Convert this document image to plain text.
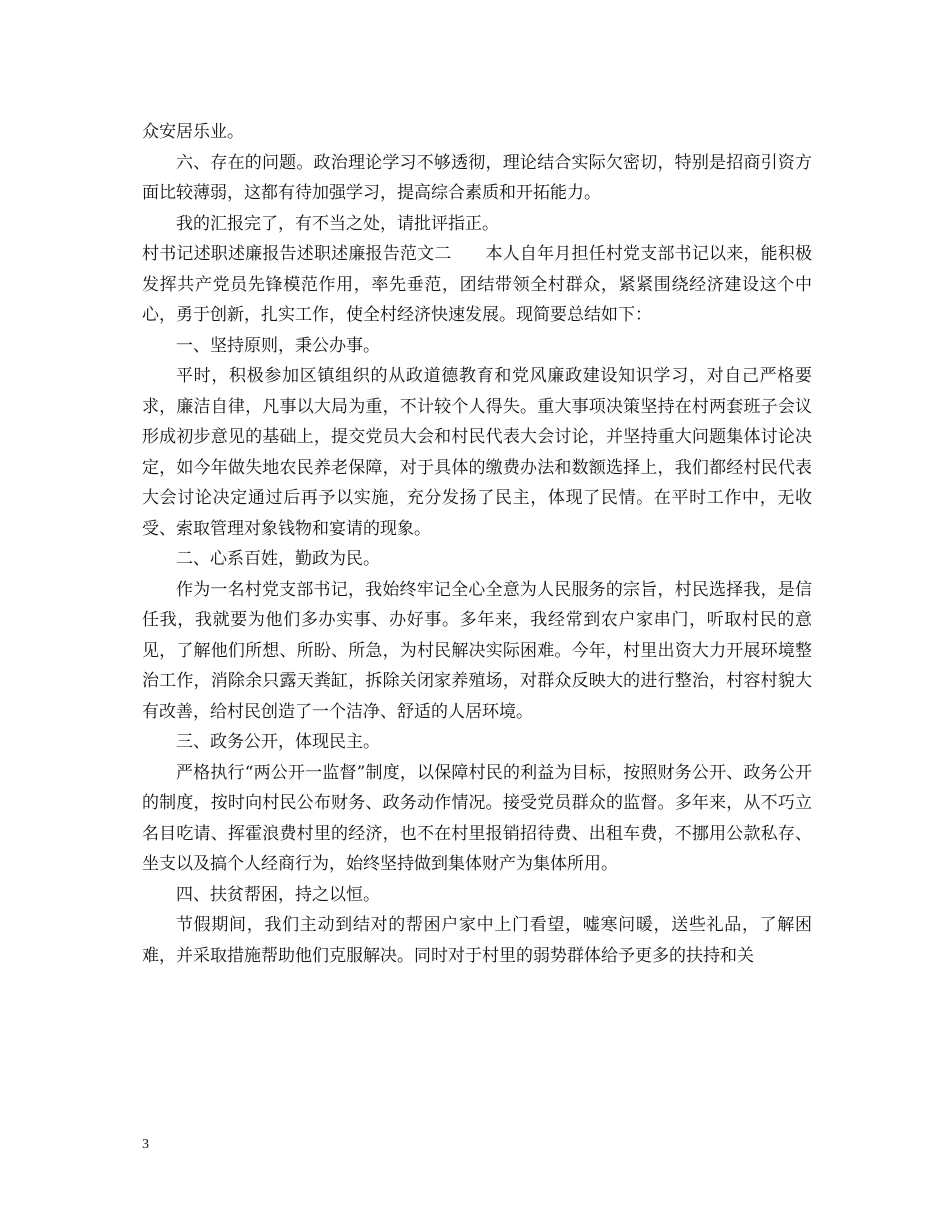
众安居乐业。

六、存在的问题。政治理论学习不够透彻，理论结合实际欠密切，特别是招商引资方面比较薄弱，这都有待加强学习，提高综合素质和开拓能力。

我的汇报完了，有不当之处，请批评指正。

村书记述职述廉报告述职述廉报告范文二 本人自年月担任村党支部书记以来，能积极发挥共产党员先锋模范作用，率先垂范，团结带领全村群众，紧紧围绕经济建设这个中心，勇于创新，扎实工作，使全村经济快速发展。现简要总结如下：

一、坚持原则，秉公办事。

平时，积极参加区镇组织的从政道德教育和党风廉政建设知识学习，对自己严格要求，廉洁自律，凡事以大局为重，不计较个人得失。重大事项决策坚持在村两套班子会议形成初步意见的基础上，提交党员大会和村民代表大会讨论，并坚持重大问题集体讨论决定，如今年做失地农民养老保障，对于具体的缴费办法和数额选择上，我们都经村民代表大会讨论决定通过后再予以实施，充分发扬了民主，体现了民情。在平时工作中，无收受、索取管理对象钱物和宴请的现象。

二、心系百姓，勤政为民。

作为一名村党支部书记，我始终牢记全心全意为人民服务的宗旨，村民选择我，是信任我，我就要为他们多办实事、办好事。多年来，我经常到农户家串门，听取村民的意见，了解他们所想、所盼、所急，为村民解决实际困难。今年，村里出资大力开展环境整治工作，消除余只露天粪缸，拆除关闭家养殖场，对群众反映大的进行整治，村容村貌大有改善，给村民创造了一个洁净、舒适的人居环境。

三、政务公开，体现民主。

严格执行“两公开一监督”制度，以保障村民的利益为目标，按照财务公开、政务公开的制度，按时向村民公布财务、政务动作情况。接受党员群众的监督。多年来，从不巧立名目吃请、挥霍浪费村里的经济，也不在村里报销招待费、出租车费，不挪用公款私存、坐支以及搞个人经商行为，始终坚持做到集体财产为集体所用。

四、扶贫帮困，持之以恒。

节假期间，我们主动到结对的帮困户家中上门看望，嘘寒问暖，送些礼品，了解困难，并采取措施帮助他们克服解决。同时对于村里的弱势群体给予更多的扶持和关

3
